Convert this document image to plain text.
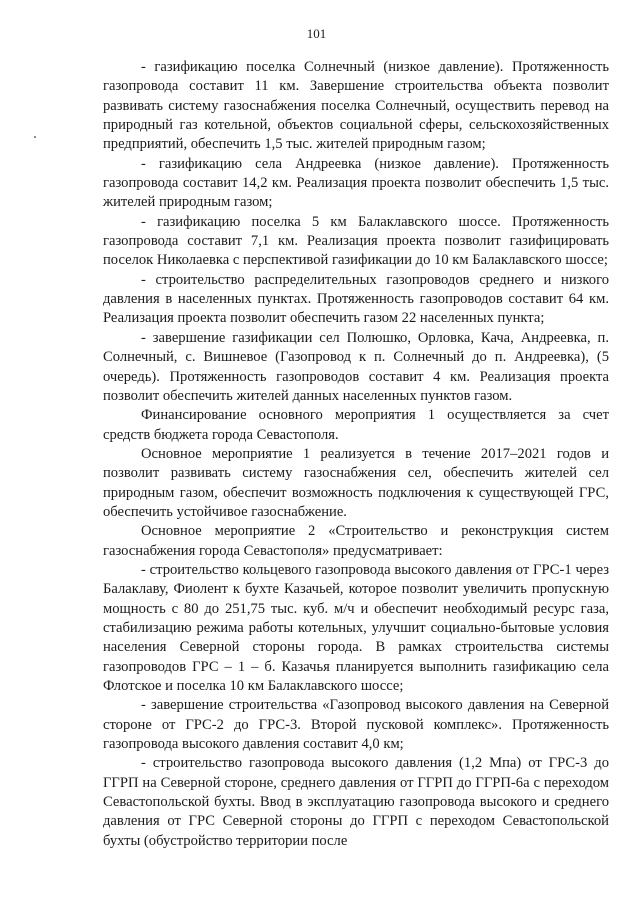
101

- газификацию поселка Солнечный (низкое давление). Протяженность газопровода составит 11 км. Завершение строительства объекта позволит развивать систему газоснабжения поселка Солнечный, осуществить перевод на природный газ котельной, объектов социальной сферы, сельскохозяйственных предприятий, обеспечить 1,5 тыс. жителей природным газом;

- газификацию села Андреевка (низкое давление). Протяженность газопровода составит 14,2 км. Реализация проекта позволит обеспечить 1,5 тыс. жителей природным газом;

- газификацию поселка 5 км Балаклавского шоссе. Протяженность газопровода составит 7,1 км. Реализация проекта позволит газифицировать поселок Николаевка с перспективой газификации до 10 км Балаклавского шоссе;

- строительство распределительных газопроводов среднего и низкого давления в населенных пунктах. Протяженность газопроводов составит 64 км. Реализация проекта позволит обеспечить газом 22 населенных пункта;

- завершение газификации сел Полюшко, Орловка, Кача, Андреевка, п. Солнечный, с. Вишневое (Газопровод к п. Солнечный до п. Андреевка), (5 очередь). Протяженность газопроводов составит 4 км. Реализация проекта позволит обеспечить жителей данных населенных пунктов газом.

Финансирование основного мероприятия 1 осуществляется за счет средств бюджета города Севастополя.

Основное мероприятие 1 реализуется в течение 2017–2021 годов и позволит развивать систему газоснабжения сел, обеспечить жителей сел природным газом, обеспечит возможность подключения к существующей ГРС, обеспечить устойчивое газоснабжение.

Основное мероприятие 2 «Строительство и реконструкция систем газоснабжения города Севастополя» предусматривает:

- строительство кольцевого газопровода высокого давления от ГРС-1 через Балаклаву, Фиолент к бухте Казачьей, которое позволит увеличить пропускную мощность с 80 до 251,75 тыс. куб. м/ч и обеспечит необходимый ресурс газа, стабилизацию режима работы котельных, улучшит социально-бытовые условия населения Северной стороны города. В рамках строительства системы газопроводов ГРС – 1 – б. Казачья планируется выполнить газификацию села Флотское и поселка 10 км Балаклавского шоссе;

- завершение строительства «Газопровод высокого давления на Северной стороне от ГРС-2 до ГРС-3. Второй пусковой комплекс». Протяженность газопровода высокого давления составит 4,0 км;

- строительство газопровода высокого давления (1,2 Мпа) от ГРС-3 до ГГРП на Северной стороне, среднего давления от ГГРП до ГГРП-6а с переходом Севастопольской бухты. Ввод в эксплуатацию газопровода высокого и среднего давления от ГРС Северной стороны до ГГРП с переходом Севастопольской бухты (обустройство территории после
